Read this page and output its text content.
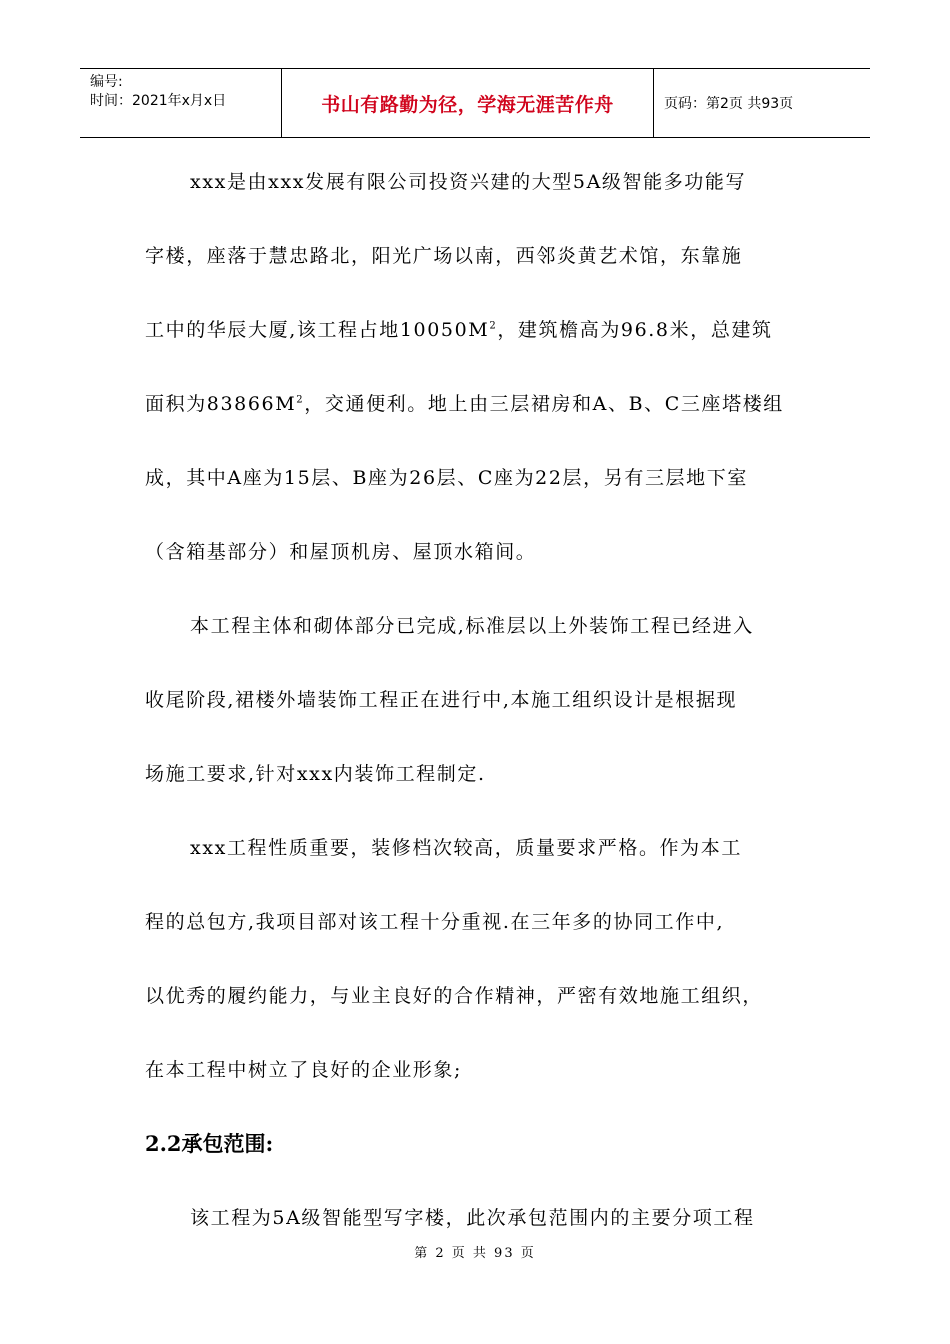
编号:
时间：2021年x月x日	书山有路勤为径，学海无涯苦作舟	页码：第2页 共93页
xxx是由xxx发展有限公司投资兴建的大型5A级智能多功能写
字楼，座落于慧忠路北，阳光广场以南，西邻炎黄艺术馆，东靠施
工中的华辰大厦,该工程占地$10050M^2$，建筑檐高为96.8米，总建筑
面积为$83866M^2$，交通便利。地上由三层裙房和A、B、C三座塔楼组
成，其中A座为15层、B座为26层、C座为22层，另有三层地下室
（含箱基部分）和屋顶机房、屋顶水箱间。
本工程主体和砌体部分已完成,标准层以上外装饰工程已经进入
收尾阶段,裙楼外墙装饰工程正在进行中,本施工组织设计是根据现
场施工要求,针对xxx内装饰工程制定.
xxx工程性质重要，装修档次较高，质量要求严格。作为本工
程的总包方,我项目部对该工程十分重视.在三年多的协同工作中,
以优秀的履约能力，与业主良好的合作精神，严密有效地施工组织，
在本工程中树立了良好的企业形象;
2.2承包范围:
该工程为5A级智能型写字楼，此次承包范围内的主要分项工程
第 2 页 共 93 页
